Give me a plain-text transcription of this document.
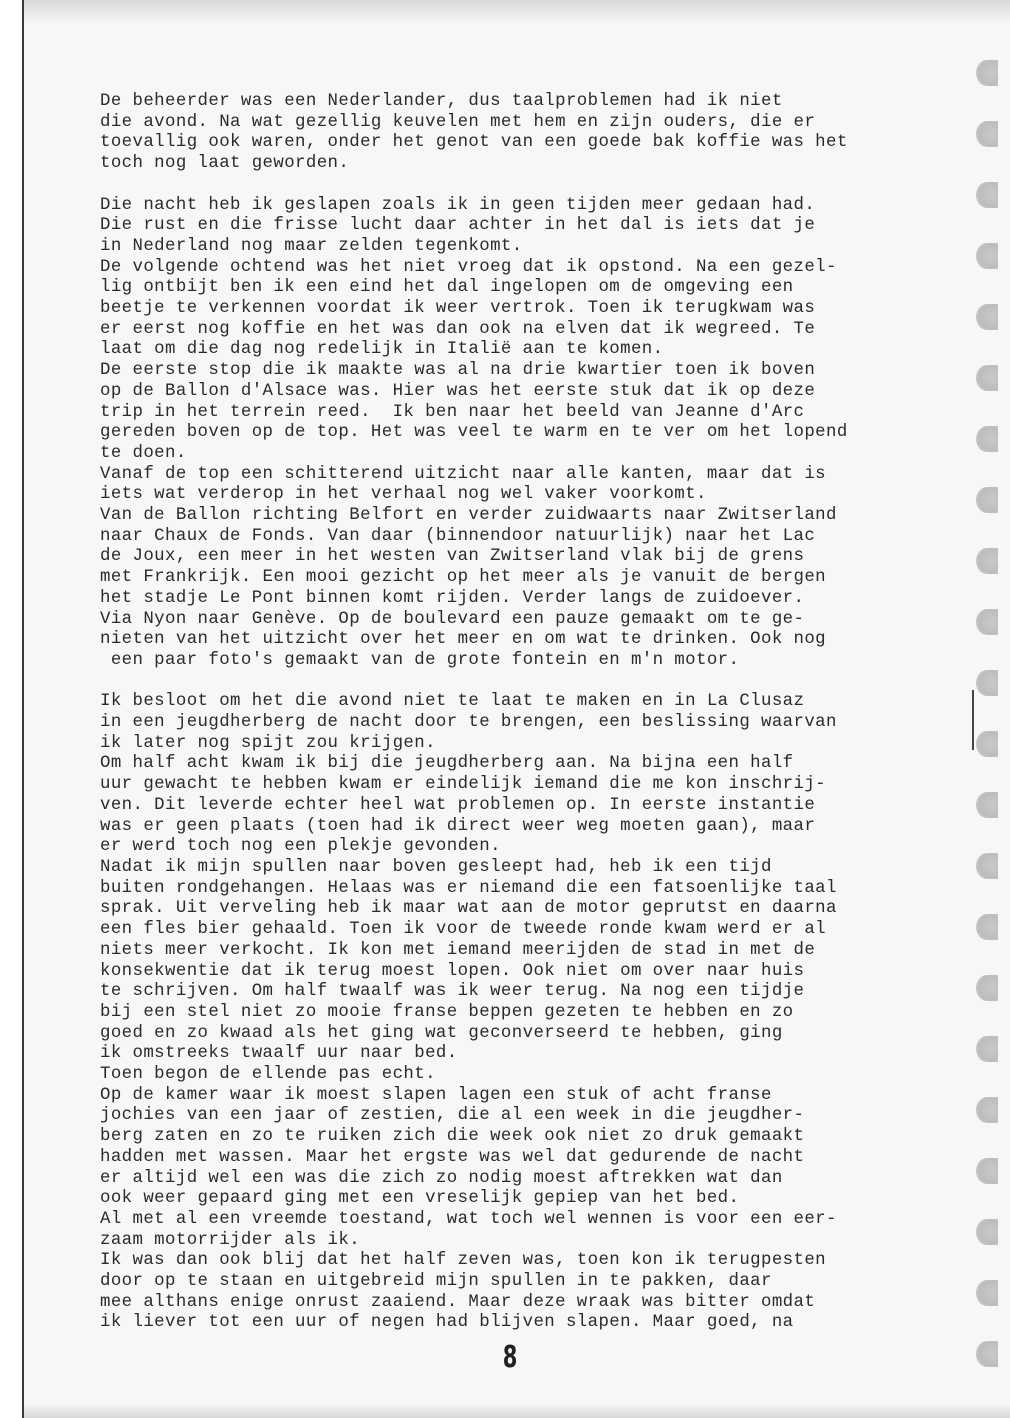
De beheerder was een Nederlander, dus taalproblemen had ik niet
die avond. Na wat gezellig keuvelen met hem en zijn ouders, die er
toevallig ook waren, onder het genot van een goede bak koffie was het
toch nog laat geworden.
Die nacht heb ik geslapen zoals ik in geen tijden meer gedaan had.
Die rust en die frisse lucht daar achter in het dal is iets dat je
in Nederland nog maar zelden tegenkomt.
De volgende ochtend was het niet vroeg dat ik opstond. Na een gezel-
lig ontbijt ben ik een eind het dal ingelopen om de omgeving een
beetje te verkennen voordat ik weer vertrok. Toen ik terugkwam was
er eerst nog koffie en het was dan ook na elven dat ik wegreed. Te
laat om die dag nog redelijk in Italië aan te komen.
De eerste stop die ik maakte was al na drie kwartier toen ik boven
op de Ballon d'Alsace was. Hier was het eerste stuk dat ik op deze
trip in het terrein reed.  Ik ben naar het beeld van Jeanne d'Arc
gereden boven op de top. Het was veel te warm en te ver om het lopend
te doen.
Vanaf de top een schitterend uitzicht naar alle kanten, maar dat is
iets wat verderop in het verhaal nog wel vaker voorkomt.
Van de Ballon richting Belfort en verder zuidwaarts naar Zwitserland
naar Chaux de Fonds. Van daar (binnendoor natuurlijk) naar het Lac
de Joux, een meer in het westen van Zwitserland vlak bij de grens
met Frankrijk. Een mooi gezicht op het meer als je vanuit de bergen
het stadje Le Pont binnen komt rijden. Verder langs de zuidoever.
Via Nyon naar Genève. Op de boulevard een pauze gemaakt om te ge-
nieten van het uitzicht over het meer en om wat te drinken. Ook nog
een paar foto's gemaakt van de grote fontein en m'n motor.
Ik besloot om het die avond niet te laat te maken en in La Clusaz
in een jeugdherberg de nacht door te brengen, een beslissing waarvan
ik later nog spijt zou krijgen.
Om half acht kwam ik bij die jeugdherberg aan. Na bijna een half
uur gewacht te hebben kwam er eindelijk iemand die me kon inschrij-
ven. Dit leverde echter heel wat problemen op. In eerste instantie
was er geen plaats (toen had ik direct weer weg moeten gaan), maar
er werd toch nog een plekje gevonden.
Nadat ik mijn spullen naar boven gesleept had, heb ik een tijd
buiten rondgehangen. Helaas was er niemand die een fatsoenlijke taal
sprak. Uit verveling heb ik maar wat aan de motor geprutst en daarna
een fles bier gehaald. Toen ik voor de tweede ronde kwam werd er al
niets meer verkocht. Ik kon met iemand meerijden de stad in met de
konsekwentie dat ik terug moest lopen. Ook niet om over naar huis
te schrijven. Om half twaalf was ik weer terug. Na nog een tijdje
bij een stel niet zo mooie franse beppen gezeten te hebben en zo
goed en zo kwaad als het ging wat geconverseerd te hebben, ging
ik omstreeks twaalf uur naar bed.
Toen begon de ellende pas echt.
Op de kamer waar ik moest slapen lagen een stuk of acht franse
jochies van een jaar of zestien, die al een week in die jeugdher-
berg zaten en zo te ruiken zich die week ook niet zo druk gemaakt
hadden met wassen. Maar het ergste was wel dat gedurende de nacht
er altijd wel een was die zich zo nodig moest aftrekken wat dan
ook weer gepaard ging met een vreselijk gepiep van het bed.
Al met al een vreemde toestand, wat toch wel wennen is voor een eer-
zaam motorrijder als ik.
Ik was dan ook blij dat het half zeven was, toen kon ik terugpesten
door op te staan en uitgebreid mijn spullen in te pakken, daar
mee althans enige onrust zaaiend. Maar deze wraak was bitter omdat
ik liever tot een uur of negen had blijven slapen. Maar goed, na
8
